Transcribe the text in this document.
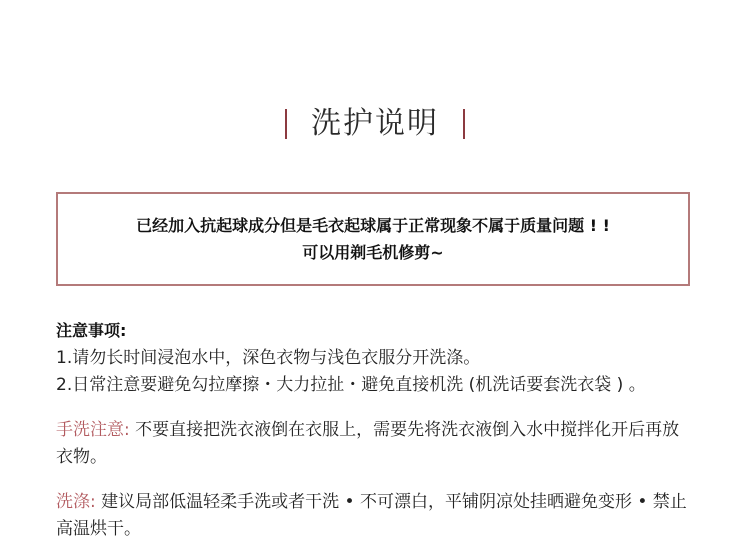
洗护说明
已经加入抗起球成分但是毛衣起球属于正常现象不属于质量问题 ! !
可以用剃毛机修剪~
注意事项:
1.请勿长时间浸泡水中，深色衣物与浅色衣服分开洗涤。
2.日常注意要避免勾拉摩擦・大力拉扯・避免直接机洗 (机洗话要套洗衣袋 ) 。
手洗注意: 不要直接把洗衣液倒在衣服上，需要先将洗衣液倒入水中搅拌化开后再放衣物。
洗涤: 建议局部低温轻柔手洗或者干洗 • 不可漂白，平铺阴凉处挂晒避免变形 • 禁止高温烘干。
